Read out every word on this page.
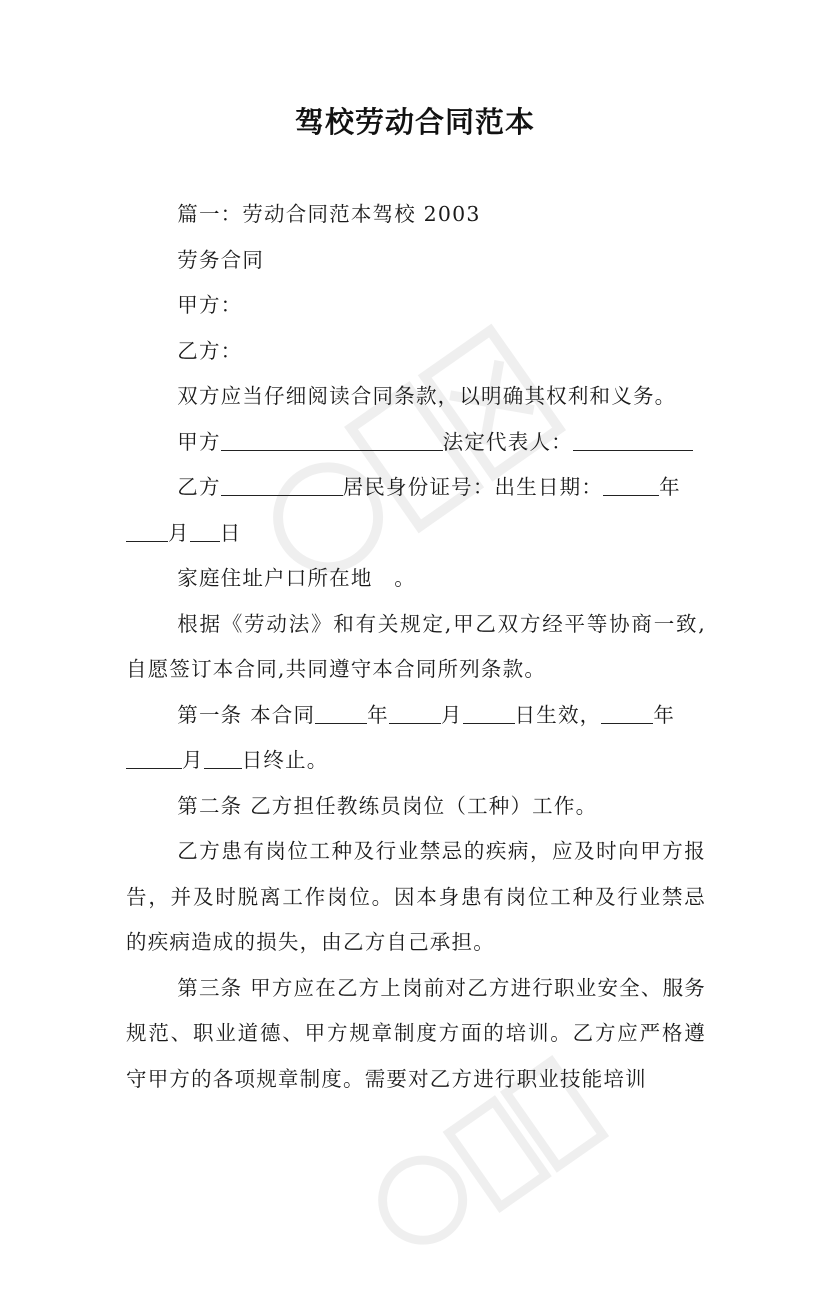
驾校劳动合同范本

篇一：劳动合同范本驾校 2003

劳务合同

甲方：

乙方：

双方应当仔细阅读合同条款，以明确其权利和义务。

甲方	法定代表人：

乙方	居民身份证号：出生日期：	年

月 日

家庭住址户口所在地　。

根据《劳动法》和有关规定,甲乙双方经平等协商一致,自愿签订本合同,共同遵守本合同所列条款。

第一条 本合同	年	月	日生效，	年

月 日终止。

第二条 乙方担任教练员岗位（工种）工作。

乙方患有岗位工种及行业禁忌的疾病，应及时向甲方报告，并及时脱离工作岗位。因本身患有岗位工种及行业禁忌的疾病造成的损失，由乙方自己承担。

第三条 甲方应在乙方上岗前对乙方进行职业安全、服务规范、职业道德、甲方规章制度方面的培训。乙方应严格遵守甲方的各项规章制度。需要对乙方进行职业技能培训
